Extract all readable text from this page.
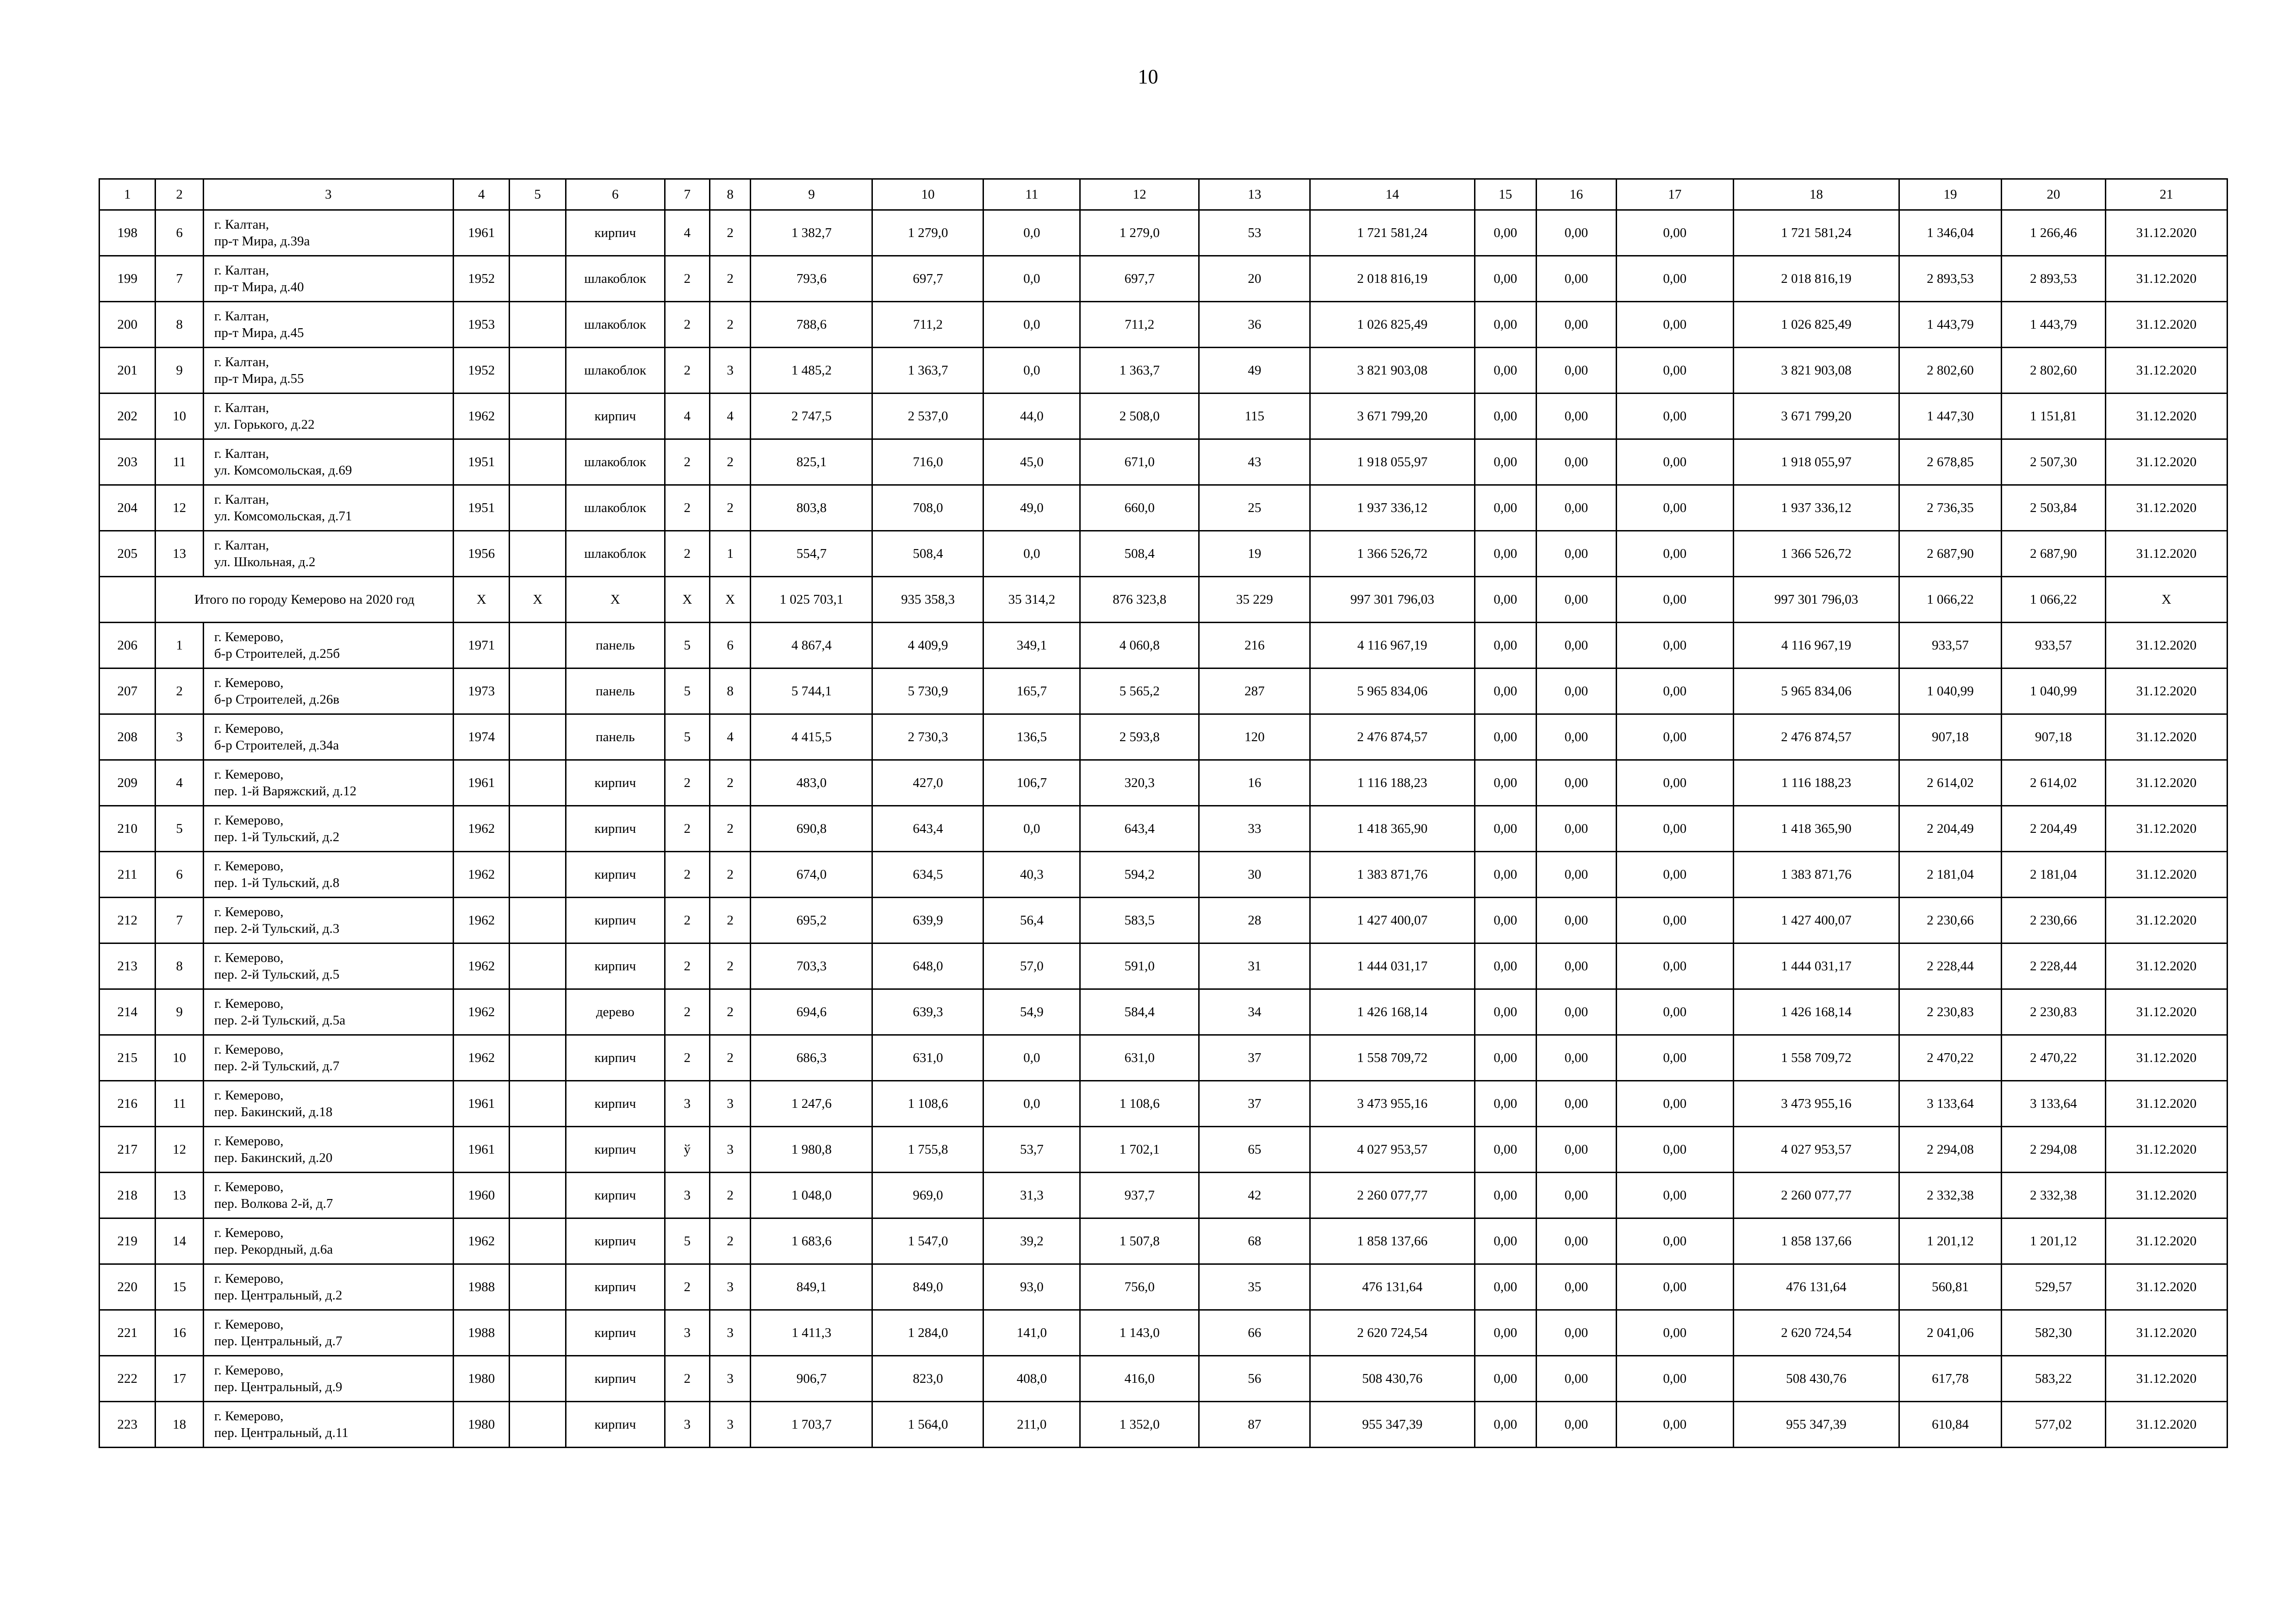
10
1	2	3	4	5	6	7	8	9	10	11	12	13	14	15	16	17	18	19	20	21
198	6	г. Калтан,
пр-т Мира, д.39а	1961		кирпич	4	2	1 382,7	1 279,0	0,0	1 279,0	53	1 721 581,24	0,00	0,00	0,00	1 721 581,24	1 346,04	1 266,46	31.12.2020
199	7	г. Калтан,
пр-т Мира, д.40	1952		шлакоблок	2	2	793,6	697,7	0,0	697,7	20	2 018 816,19	0,00	0,00	0,00	2 018 816,19	2 893,53	2 893,53	31.12.2020
200	8	г. Калтан,
пр-т Мира, д.45	1953		шлакоблок	2	2	788,6	711,2	0,0	711,2	36	1 026 825,49	0,00	0,00	0,00	1 026 825,49	1 443,79	1 443,79	31.12.2020
201	9	г. Калтан,
пр-т Мира, д.55	1952		шлакоблок	2	3	1 485,2	1 363,7	0,0	1 363,7	49	3 821 903,08	0,00	0,00	0,00	3 821 903,08	2 802,60	2 802,60	31.12.2020
202	10	г. Калтан,
ул. Горького, д.22	1962		кирпич	4	4	2 747,5	2 537,0	44,0	2 508,0	115	3 671 799,20	0,00	0,00	0,00	3 671 799,20	1 447,30	1 151,81	31.12.2020
203	11	г. Калтан,
ул. Комсомольская, д.69	1951		шлакоблок	2	2	825,1	716,0	45,0	671,0	43	1 918 055,97	0,00	0,00	0,00	1 918 055,97	2 678,85	2 507,30	31.12.2020
204	12	г. Калтан,
ул. Комсомольская, д.71	1951		шлакоблок	2	2	803,8	708,0	49,0	660,0	25	1 937 336,12	0,00	0,00	0,00	1 937 336,12	2 736,35	2 503,84	31.12.2020
205	13	г. Калтан,
ул. Школьная, д.2	1956		шлакоблок	2	1	554,7	508,4	0,0	508,4	19	1 366 526,72	0,00	0,00	0,00	1 366 526,72	2 687,90	2 687,90	31.12.2020
	Итого по городу Кемерово на 2020 год		X	X	X	X	X	1 025 703,1	935 358,3	35 314,2	876 323,8	35 229	997 301 796,03	0,00	0,00	0,00	997 301 796,03	1 066,22	1 066,22	X
206	1	г. Кемерово,
б-р Строителей, д.25б	1971		панель	5	6	4 867,4	4 409,9	349,1	4 060,8	216	4 116 967,19	0,00	0,00	0,00	4 116 967,19	933,57	933,57	31.12.2020
207	2	г. Кемерово,
б-р Строителей, д.26в	1973		панель	5	8	5 744,1	5 730,9	165,7	5 565,2	287	5 965 834,06	0,00	0,00	0,00	5 965 834,06	1 040,99	1 040,99	31.12.2020
208	3	г. Кемерово,
б-р Строителей, д.34а	1974		панель	5	4	4 415,5	2 730,3	136,5	2 593,8	120	2 476 874,57	0,00	0,00	0,00	2 476 874,57	907,18	907,18	31.12.2020
209	4	г. Кемерово,
пер. 1-й Варяжский, д.12	1961		кирпич	2	2	483,0	427,0	106,7	320,3	16	1 116 188,23	0,00	0,00	0,00	1 116 188,23	2 614,02	2 614,02	31.12.2020
210	5	г. Кемерово,
пер. 1-й Тульский, д.2	1962		кирпич	2	2	690,8	643,4	0,0	643,4	33	1 418 365,90	0,00	0,00	0,00	1 418 365,90	2 204,49	2 204,49	31.12.2020
211	6	г. Кемерово,
пер. 1-й Тульский, д.8	1962		кирпич	2	2	674,0	634,5	40,3	594,2	30	1 383 871,76	0,00	0,00	0,00	1 383 871,76	2 181,04	2 181,04	31.12.2020
212	7	г. Кемерово,
пер. 2-й Тульский, д.3	1962		кирпич	2	2	695,2	639,9	56,4	583,5	28	1 427 400,07	0,00	0,00	0,00	1 427 400,07	2 230,66	2 230,66	31.12.2020
213	8	г. Кемерово,
пер. 2-й Тульский, д.5	1962		кирпич	2	2	703,3	648,0	57,0	591,0	31	1 444 031,17	0,00	0,00	0,00	1 444 031,17	2 228,44	2 228,44	31.12.2020
214	9	г. Кемерово,
пер. 2-й Тульский, д.5а	1962		дерево	2	2	694,6	639,3	54,9	584,4	34	1 426 168,14	0,00	0,00	0,00	1 426 168,14	2 230,83	2 230,83	31.12.2020
215	10	г. Кемерово,
пер. 2-й Тульский, д.7	1962		кирпич	2	2	686,3	631,0	0,0	631,0	37	1 558 709,72	0,00	0,00	0,00	1 558 709,72	2 470,22	2 470,22	31.12.2020
216	11	г. Кемерово,
пер. Бакинский, д.18	1961		кирпич	3	3	1 247,6	1 108,6	0,0	1 108,6	37	3 473 955,16	0,00	0,00	0,00	3 473 955,16	3 133,64	3 133,64	31.12.2020
217	12	г. Кемерово,
пер. Бакинский, д.20	1961		кирпич	ў	3	1 980,8	1 755,8	53,7	1 702,1	65	4 027 953,57	0,00	0,00	0,00	4 027 953,57	2 294,08	2 294,08	31.12.2020
218	13	г. Кемерово,
пер. Волкова 2-й, д.7	1960		кирпич	3	2	1 048,0	969,0	31,3	937,7	42	2 260 077,77	0,00	0,00	0,00	2 260 077,77	2 332,38	2 332,38	31.12.2020
219	14	г. Кемерово,
пер. Рекордный, д.6а	1962		кирпич	5	2	1 683,6	1 547,0	39,2	1 507,8	68	1 858 137,66	0,00	0,00	0,00	1 858 137,66	1 201,12	1 201,12	31.12.2020
220	15	г. Кемерово,
пер. Центральный, д.2	1988		кирпич	2	3	849,1	849,0	93,0	756,0	35	476 131,64	0,00	0,00	0,00	476 131,64	560,81	529,57	31.12.2020
221	16	г. Кемерово,
пер. Центральный, д.7	1988		кирпич	3	3	1 411,3	1 284,0	141,0	1 143,0	66	2 620 724,54	0,00	0,00	0,00	2 620 724,54	2 041,06	582,30	31.12.2020
222	17	г. Кемерово,
пер. Центральный, д.9	1980		кирпич	2	3	906,7	823,0	408,0	416,0	56	508 430,76	0,00	0,00	0,00	508 430,76	617,78	583,22	31.12.2020
223	18	г. Кемерово,
пер. Центральный, д.11	1980		кирпич	3	3	1 703,7	1 564,0	211,0	1 352,0	87	955 347,39	0,00	0,00	0,00	955 347,39	610,84	577,02	31.12.2020
